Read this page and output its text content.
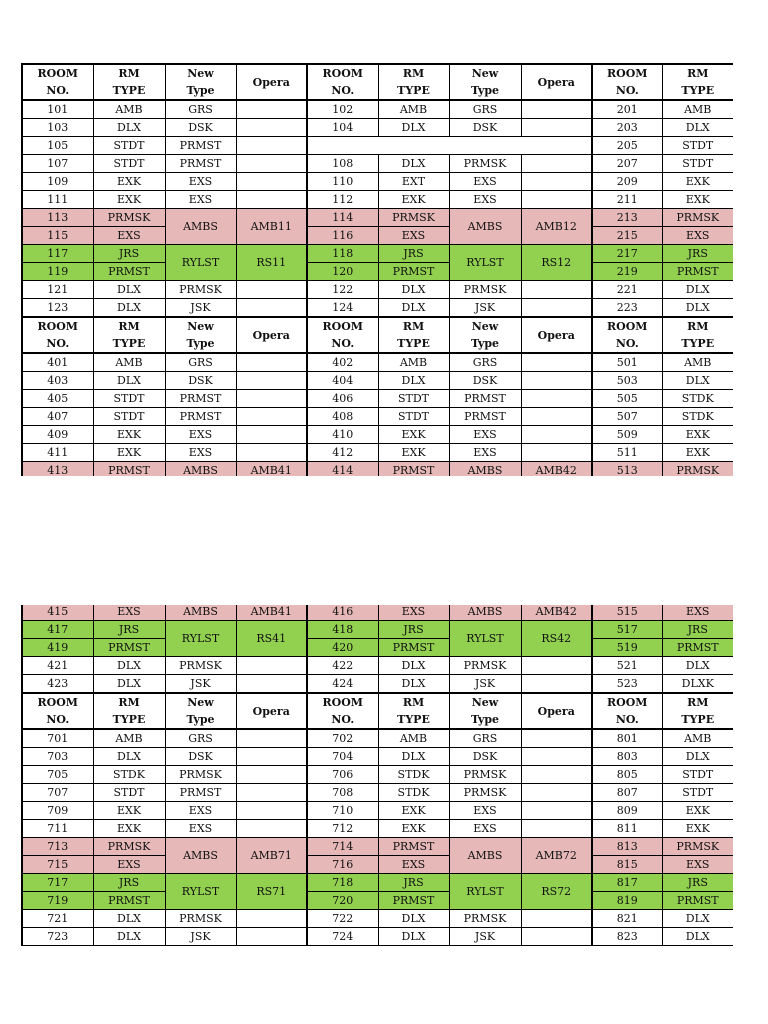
ROOM	RM	New	Opera	ROOM	RM	New	Opera	ROOM	RM
NO.	TYPE	Type		NO.	TYPE	Type		NO.	TYPE
101	AMB	GRS		102	AMB	GRS		201	AMB
103	DLX	DSK		104	DLX	DSK		203	DLX
105	STDT	PRMST						205	STDT
107	STDT	PRMST		108	DLX	PRMSK		207	STDT
109	EXK	EXS		110	EXT	EXS		209	EXK
111	EXK	EXS		112	EXK	EXS		211	EXK
113	PRMSK	AMBS	AMB11	114	PRMSK	AMBS	AMB12	213	PRMSK
115	EXS			116	EXS			215	EXS
117	JRS	RYLST	RS11	118	JRS	RYLST	RS12	217	JRS
119	PRMST			120	PRMST			219	PRMST
121	DLX	PRMSK		122	DLX	PRMSK		221	DLX
123	DLX	JSK		124	DLX	JSK		223	DLX
ROOM	RM	New	Opera	ROOM	RM	New	Opera	ROOM	RM
NO.	TYPE	Type		NO.	TYPE	Type		NO.	TYPE
401	AMB	GRS		402	AMB	GRS		501	AMB
403	DLX	DSK		404	DLX	DSK		503	DLX
405	STDT	PRMST		406	STDT	PRMST		505	STDK
407	STDT	PRMST		408	STDT	PRMST		507	STDK
409	EXK	EXS		410	EXK	EXS		509	EXK
411	EXK	EXS		412	EXK	EXS		511	EXK
413	PRMST	AMBS	AMB41	414	PRMST	AMBS	AMB42	513	PRMSK
415	EXS	AMBS	AMB41	416	EXS	AMBS	AMB42	515	EXS
417	JRS	RYLST	RS41	418	JRS	RYLST	RS42	517	JRS
419	PRMST			420	PRMST			519	PRMST
421	DLX	PRMSK		422	DLX	PRMSK		521	DLX
423	DLX	JSK		424	DLX	JSK		523	DLXK
ROOM	RM	New	Opera	ROOM	RM	New	Opera	ROOM	RM
NO.	TYPE	Type		NO.	TYPE	Type		NO.	TYPE
701	AMB	GRS		702	AMB	GRS		801	AMB
703	DLX	DSK		704	DLX	DSK		803	DLX
705	STDK	PRMSK		706	STDK	PRMSK		805	STDT
707	STDT	PRMST		708	STDK	PRMSK		807	STDT
709	EXK	EXS		710	EXK	EXS		809	EXK
711	EXK	EXS		712	EXK	EXS		811	EXK
713	PRMSK	AMBS	AMB71	714	PRMST	AMBS	AMB72	813	PRMSK
715	EXS			716	EXS			815	EXS
717	JRS	RYLST	RS71	718	JRS	RYLST	RS72	817	JRS
719	PRMST			720	PRMST			819	PRMST
721	DLX	PRMSK		722	DLX	PRMSK		821	DLX
723	DLX	JSK		724	DLX	JSK		823	DLX
